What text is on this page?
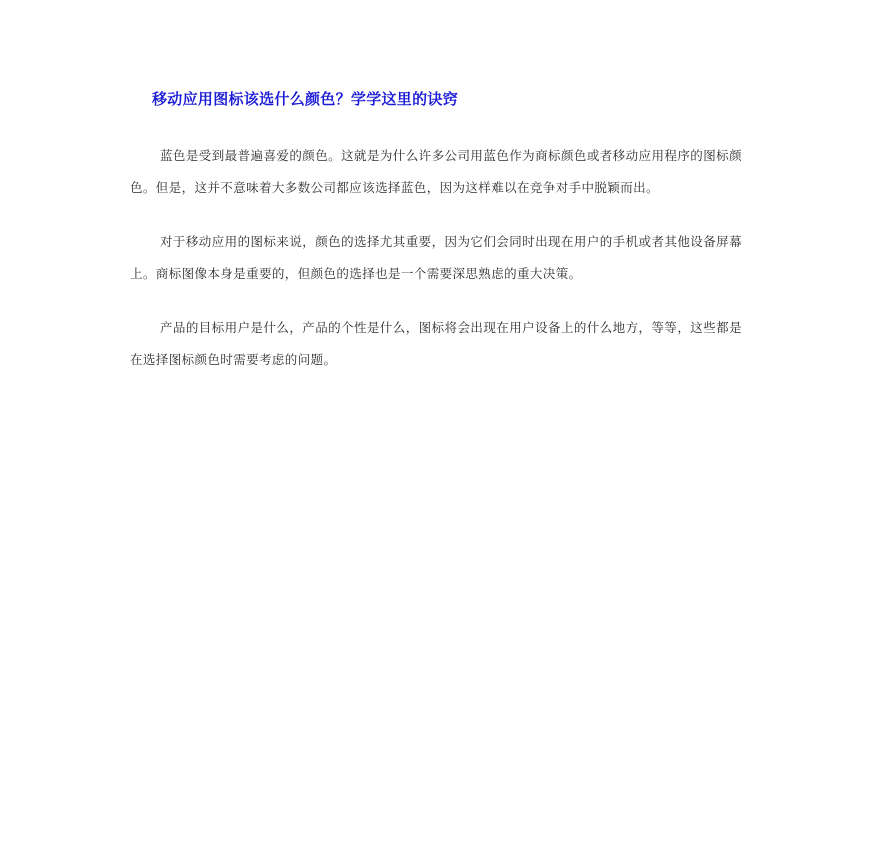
移动应用图标该选什么颜色？学学这里的诀窍

蓝色是受到最普遍喜爱的颜色。这就是为什么许多公司用蓝色作为商标颜色或者移动应用程序的图标颜色。但是，这并不意味着大多数公司都应该选择蓝色，因为这样难以在竞争对手中脱颖而出。

对于移动应用的图标来说，颜色的选择尤其重要，因为它们会同时出现在用户的手机或者其他设备屏幕上。商标图像本身是重要的，但颜色的选择也是一个需要深思熟虑的重大决策。

产品的目标用户是什么，产品的个性是什么，图标将会出现在用户设备上的什么地方，等等，这些都是在选择图标颜色时需要考虑的问题。
